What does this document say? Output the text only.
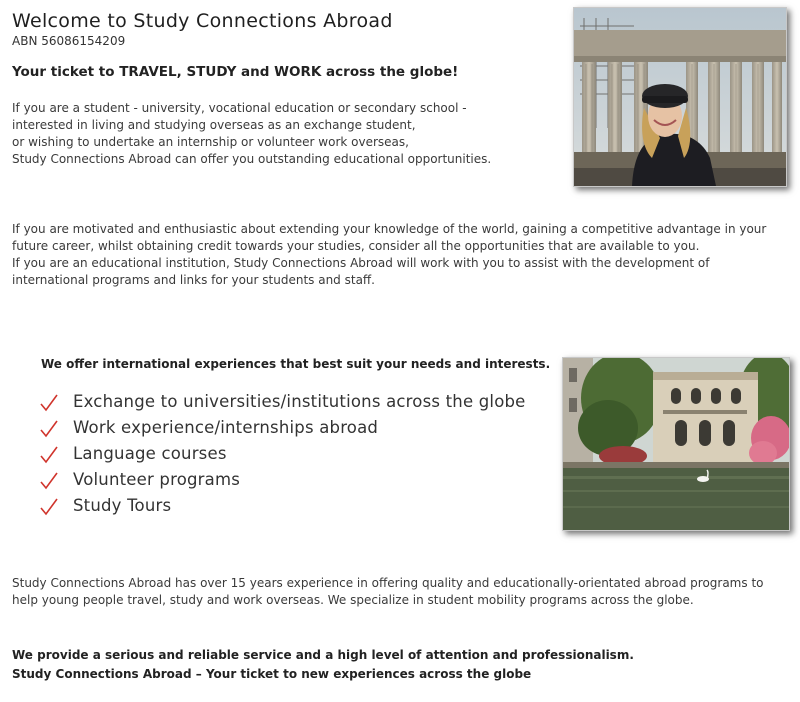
Welcome to Study Connections Abroad
ABN 56086154209
Your ticket to TRAVEL, STUDY and WORK across the globe!
If you are a student - university, vocational education or secondary school -
interested in living and studying overseas as an exchange student,
or wishing to undertake an internship or volunteer work overseas,
Study Connections Abroad can offer you outstanding educational opportunities.
If you are motivated and enthusiastic about extending your knowledge of the world, gaining a competitive advantage in your future career, whilst obtaining credit towards your studies, consider all the opportunities that are available to you.
If you are an educational institution, Study Connections Abroad will work with you to assist with the development of international programs and links for your students and staff.
We offer international experiences that best suit your needs and interests.
Exchange to universities/institutions across the globe
Work experience/internships abroad
Language courses
Volunteer programs
Study Tours
Study Connections Abroad has over 15 years experience in offering quality and educationally-orientated abroad programs to help young people travel, study and work overseas. We specialize in student mobility programs across the globe.
We provide a serious and reliable service and a high level of attention and professionalism.
Study Connections Abroad – Your ticket to new experiences across the globe
